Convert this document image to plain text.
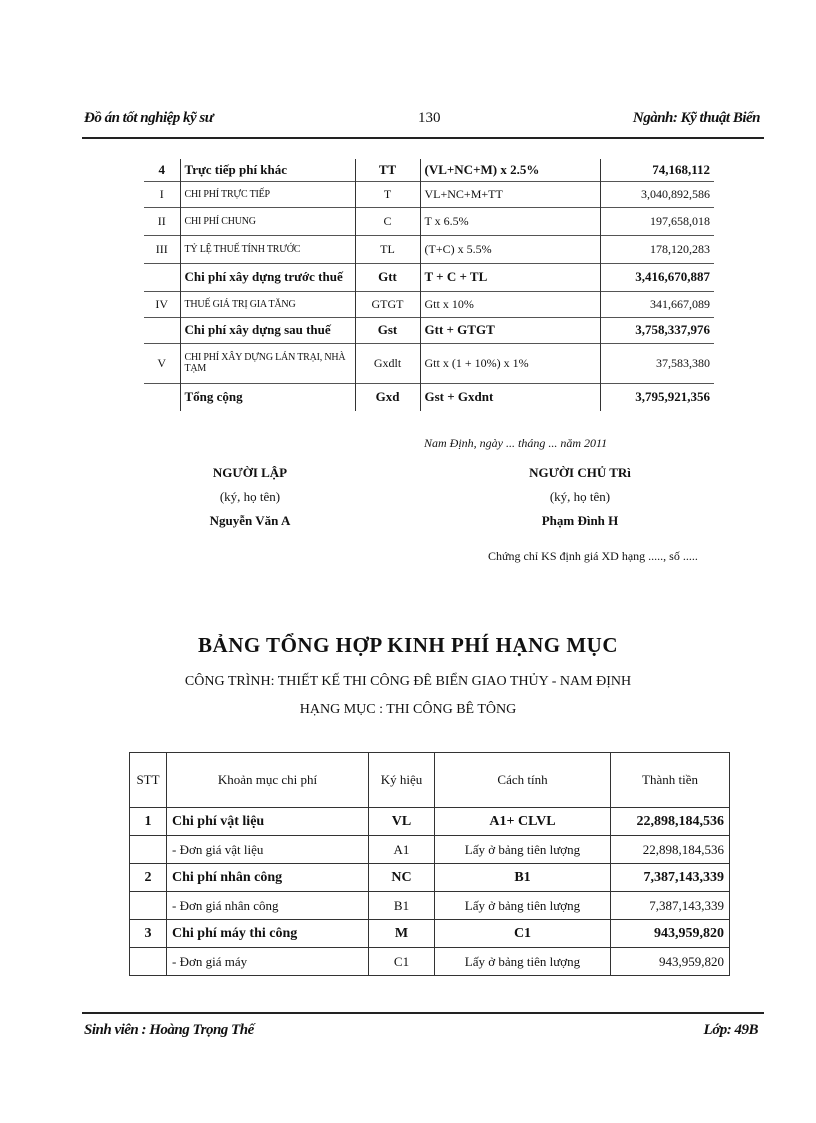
Đồ án tốt nghiệp kỹ sư	130	Ngành: Kỹ thuật Biển
4	Trực tiếp phí khác	TT	(VL+NC+M) x 2.5%	74,168,112
I	CHI PHÍ TRỰC TIẾP	T	VL+NC+M+TT	3,040,892,586
II	CHI PHÍ CHUNG	C	T x 6.5%	197,658,018
III	TỶ LỆ THUẾ TÍNH TRƯỚC	TL	(T+C) x 5.5%	178,120,283
	Chi phí xây dựng trước thuế	Gtt	T + C + TL	3,416,670,887
IV	THUẾ GIÁ TRỊ GIA TĂNG	GTGT	Gtt x 10%	341,667,089
	Chi phí xây dựng sau thuế	Gst	Gtt + GTGT	3,758,337,976
V	CHI PHÍ XÂY DỰNG LÁN TRẠI, NHÀ TẠM	Gxdlt	Gtt x (1 + 10%) x 1%	37,583,380
	Tổng cộng	Gxd	Gst + Gxdnt	3,795,921,356
Nam Định, ngày ... tháng ... năm 2011
NGƯỜI LẬP
(ký, họ tên)
Nguyễn Văn A
NGƯỜI CHỦ TRì
(ký, họ tên)
Phạm Đình H
Chứng chỉ KS định giá XD hạng ....., số .....
BẢNG TỔNG HỢP KINH PHÍ HẠNG MỤC
CÔNG TRÌNH: THIẾT KẾ THI CÔNG ĐÊ BIỂN GIAO THỦY - NAM ĐỊNH
HẠNG MỤC : THI CÔNG BÊ TÔNG
STT	Khoản mục chi phí	Ký hiệu	Cách tính	Thành tiền
1	Chi phí vật liệu	VL	A1+ CLVL	22,898,184,536
	- Đơn giá vật liệu	A1	Lấy ở bảng tiên lượng	22,898,184,536
2	Chi phí nhân công	NC	B1	7,387,143,339
	- Đơn giá nhân công	B1	Lấy ở bảng tiên lượng	7,387,143,339
3	Chi phí máy thi công	M	C1	943,959,820
	- Đơn giá máy	C1	Lấy ở bảng tiên lượng	943,959,820
Sinh viên : Hoàng Trọng Thế	Lớp: 49B
